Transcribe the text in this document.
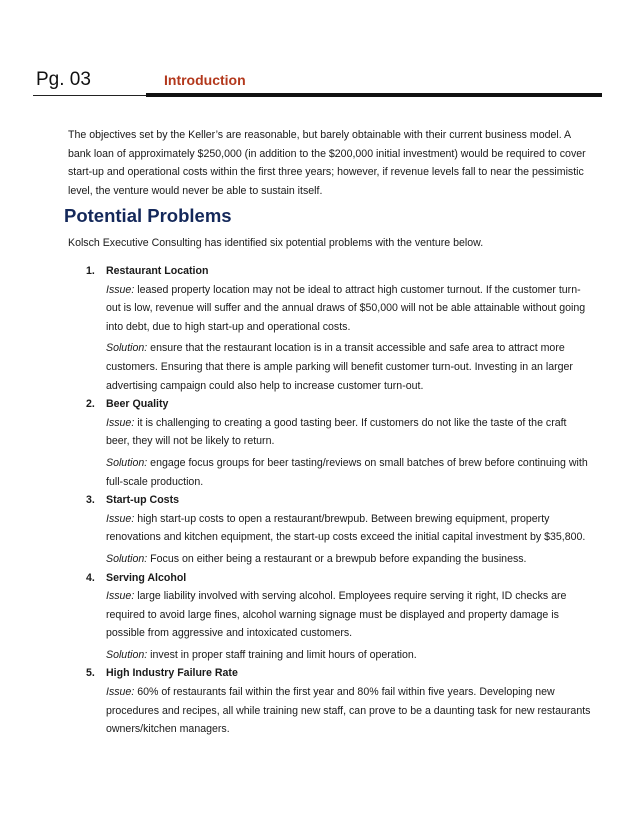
Pg. 03	Introduction

The objectives set by the Keller’s are reasonable, but barely obtainable with their current business model. A bank loan of approximately $250,000 (in addition to the $200,000 initial investment) would be required to cover start-up and operational costs within the first three years; however, if revenue levels fall to near the pessimistic level, the venture would never be able to sustain itself.

Potential Problems
Kolsch Executive Consulting has identified six potential problems with the venture below.
1. Restaurant Location
Issue: leased property location may not be ideal to attract high customer turnout. If the customer turn-out is low, revenue will suffer and the annual draws of $50,000 will not be able attainable without going into debt, due to high start-up and operational costs.
Solution: ensure that the restaurant location is in a transit accessible and safe area to attract more customers. Ensuring that there is ample parking will benefit customer turn-out. Investing in an larger advertising campaign could also help to increase customer turn-out.
2. Beer Quality
Issue: it is challenging to creating a good tasting beer. If customers do not like the taste of the craft beer, they will not be likely to return.
Solution: engage focus groups for beer tasting/reviews on small batches of brew before continuing with full-scale production.
3. Start-up Costs
Issue: high start-up costs to open a restaurant/brewpub. Between brewing equipment, property renovations and kitchen equipment, the start-up costs exceed the initial capital investment by $35,800.
Solution: Focus on either being a restaurant or a brewpub before expanding the business.
4. Serving Alcohol
Issue: large liability involved with serving alcohol. Employees require serving it right, ID checks are required to avoid large fines, alcohol warning signage must be displayed and property damage is possible from aggressive and intoxicated customers.
Solution: invest in proper staff training and limit hours of operation.
5. High Industry Failure Rate
Issue: 60% of restaurants fail within the first year and 80% fail within five years. Developing new procedures and recipes, all while training new staff, can prove to be a daunting task for new restaurants owners/kitchen managers.
